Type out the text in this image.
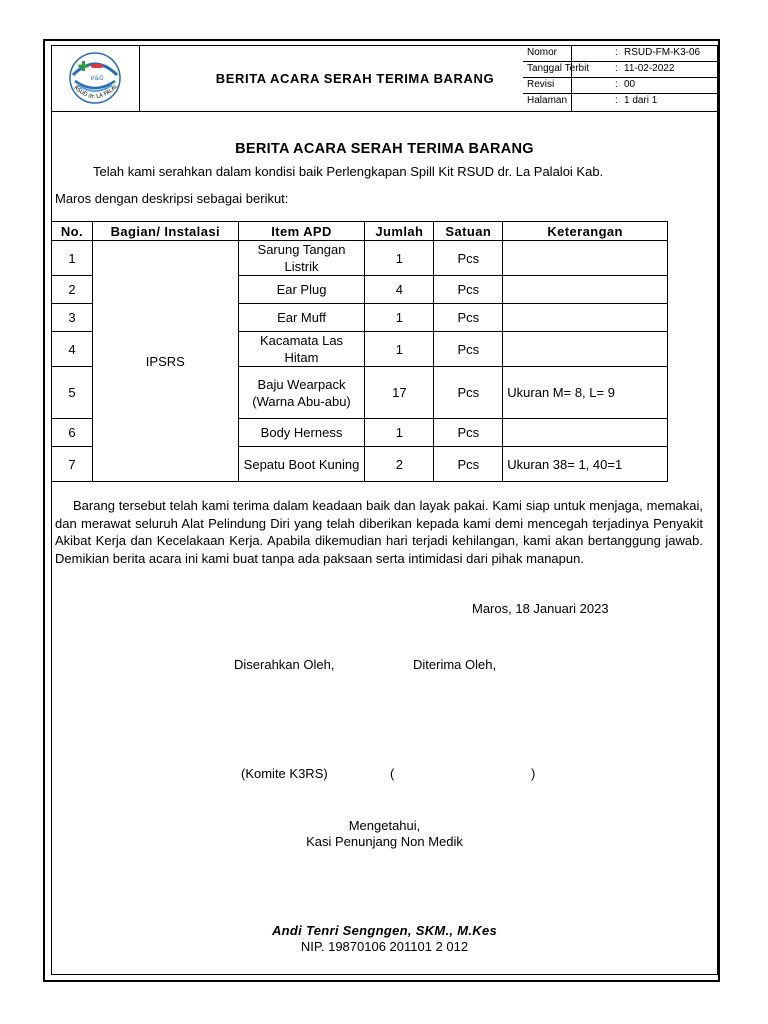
V&G
RSUD dr. LA PALAL
BERITA ACARA SERAH TERIMA BARANG
Nomor	: RSUD-FM-K3-06
Tanggal Terbit	: 11-02-2022
Revisi	: 00
Halaman	: 1 dari 1
BERITA ACARA SERAH TERIMA BARANG
Telah kami serahkan dalam kondisi baik Perlengkapan Spill Kit RSUD dr. La Palaloi Kab.
Maros dengan deskripsi sebagai berikut:
No.	Bagian/ Instalasi	Item APD	Jumlah	Satuan	Keterangan
1	IPSRS	Sarung Tangan Listrik	1	Pcs	
2		Ear Plug	4	Pcs	
3		Ear Muff	1	Pcs	
4		Kacamata Las Hitam	1	Pcs	
5		Baju Wearpack (Warna Abu-abu)	17	Pcs	Ukuran M= 8, L= 9
6		Body Herness	1	Pcs	
7		Sepatu Boot Kuning	2	Pcs	Ukuran 38= 1, 40=1

Barang tersebut telah kami terima dalam keadaan baik dan layak pakai. Kami siap untuk menjaga, memakai, dan merawat seluruh Alat Pelindung Diri yang telah diberikan kepada kami demi mencegah terjadinya Penyakit Akibat Kerja dan Kecelakaan Kerja. Apabila dikemudian hari terjadi kehilangan, kami akan bertanggung jawab. Demikian berita acara ini kami buat tanpa ada paksaan serta intimidasi dari pihak manapun.

Maros, 18 Januari 2023
Diserahkan Oleh,	Diterima Oleh,
(Komite K3RS)	(	)
Mengetahui,
Kasi Penunjang Non Medik
Andi Tenri Sengngen, SKM., M.Kes
NIP. 19870106 201101 2 012
